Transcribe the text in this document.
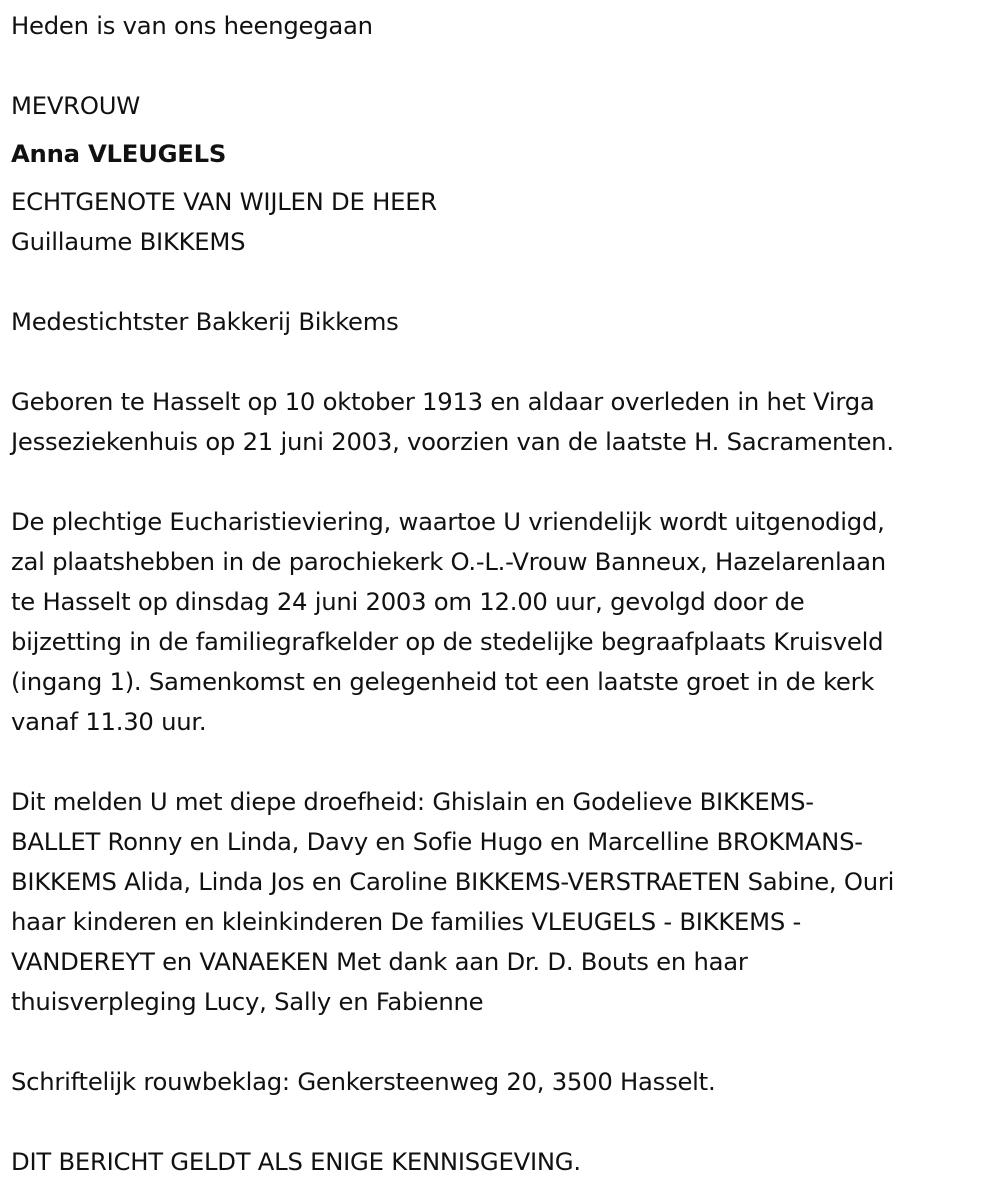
Heden is van ons heengegaan

MEVROUW

Anna VLEUGELS

ECHTGENOTE VAN WIJLEN DE HEER

Guillaume BIKKEMS

Medestichtster Bakkerij Bikkems

Geboren te Hasselt op 10 oktober 1913 en aldaar overleden in het Virga

Jesseziekenhuis op 21 juni 2003, voorzien van de laatste H. Sacramenten.

De plechtige Eucharistieviering, waartoe U vriendelijk wordt uitgenodigd,

zal plaatshebben in de parochiekerk O.-L.-Vrouw Banneux, Hazelarenlaan

te Hasselt op dinsdag 24 juni 2003 om 12.00 uur, gevolgd door de

bijzetting in de familiegrafkelder op de stedelijke begraafplaats Kruisveld

(ingang 1). Samenkomst en gelegenheid tot een laatste groet in de kerk

vanaf 11.30 uur.

Dit melden U met diepe droefheid: Ghislain en Godelieve BIKKEMS-

BALLET Ronny en Linda, Davy en Sofie Hugo en Marcelline BROKMANS-

BIKKEMS Alida, Linda Jos en Caroline BIKKEMS-VERSTRAETEN Sabine, Ouri

haar kinderen en kleinkinderen De families VLEUGELS - BIKKEMS -

VANDEREYT en VANAEKEN Met dank aan Dr. D. Bouts en haar

thuisverpleging Lucy, Sally en Fabienne

Schriftelijk rouwbeklag: Genkersteenweg 20, 3500 Hasselt.

DIT BERICHT GELDT ALS ENIGE KENNISGEVING.
